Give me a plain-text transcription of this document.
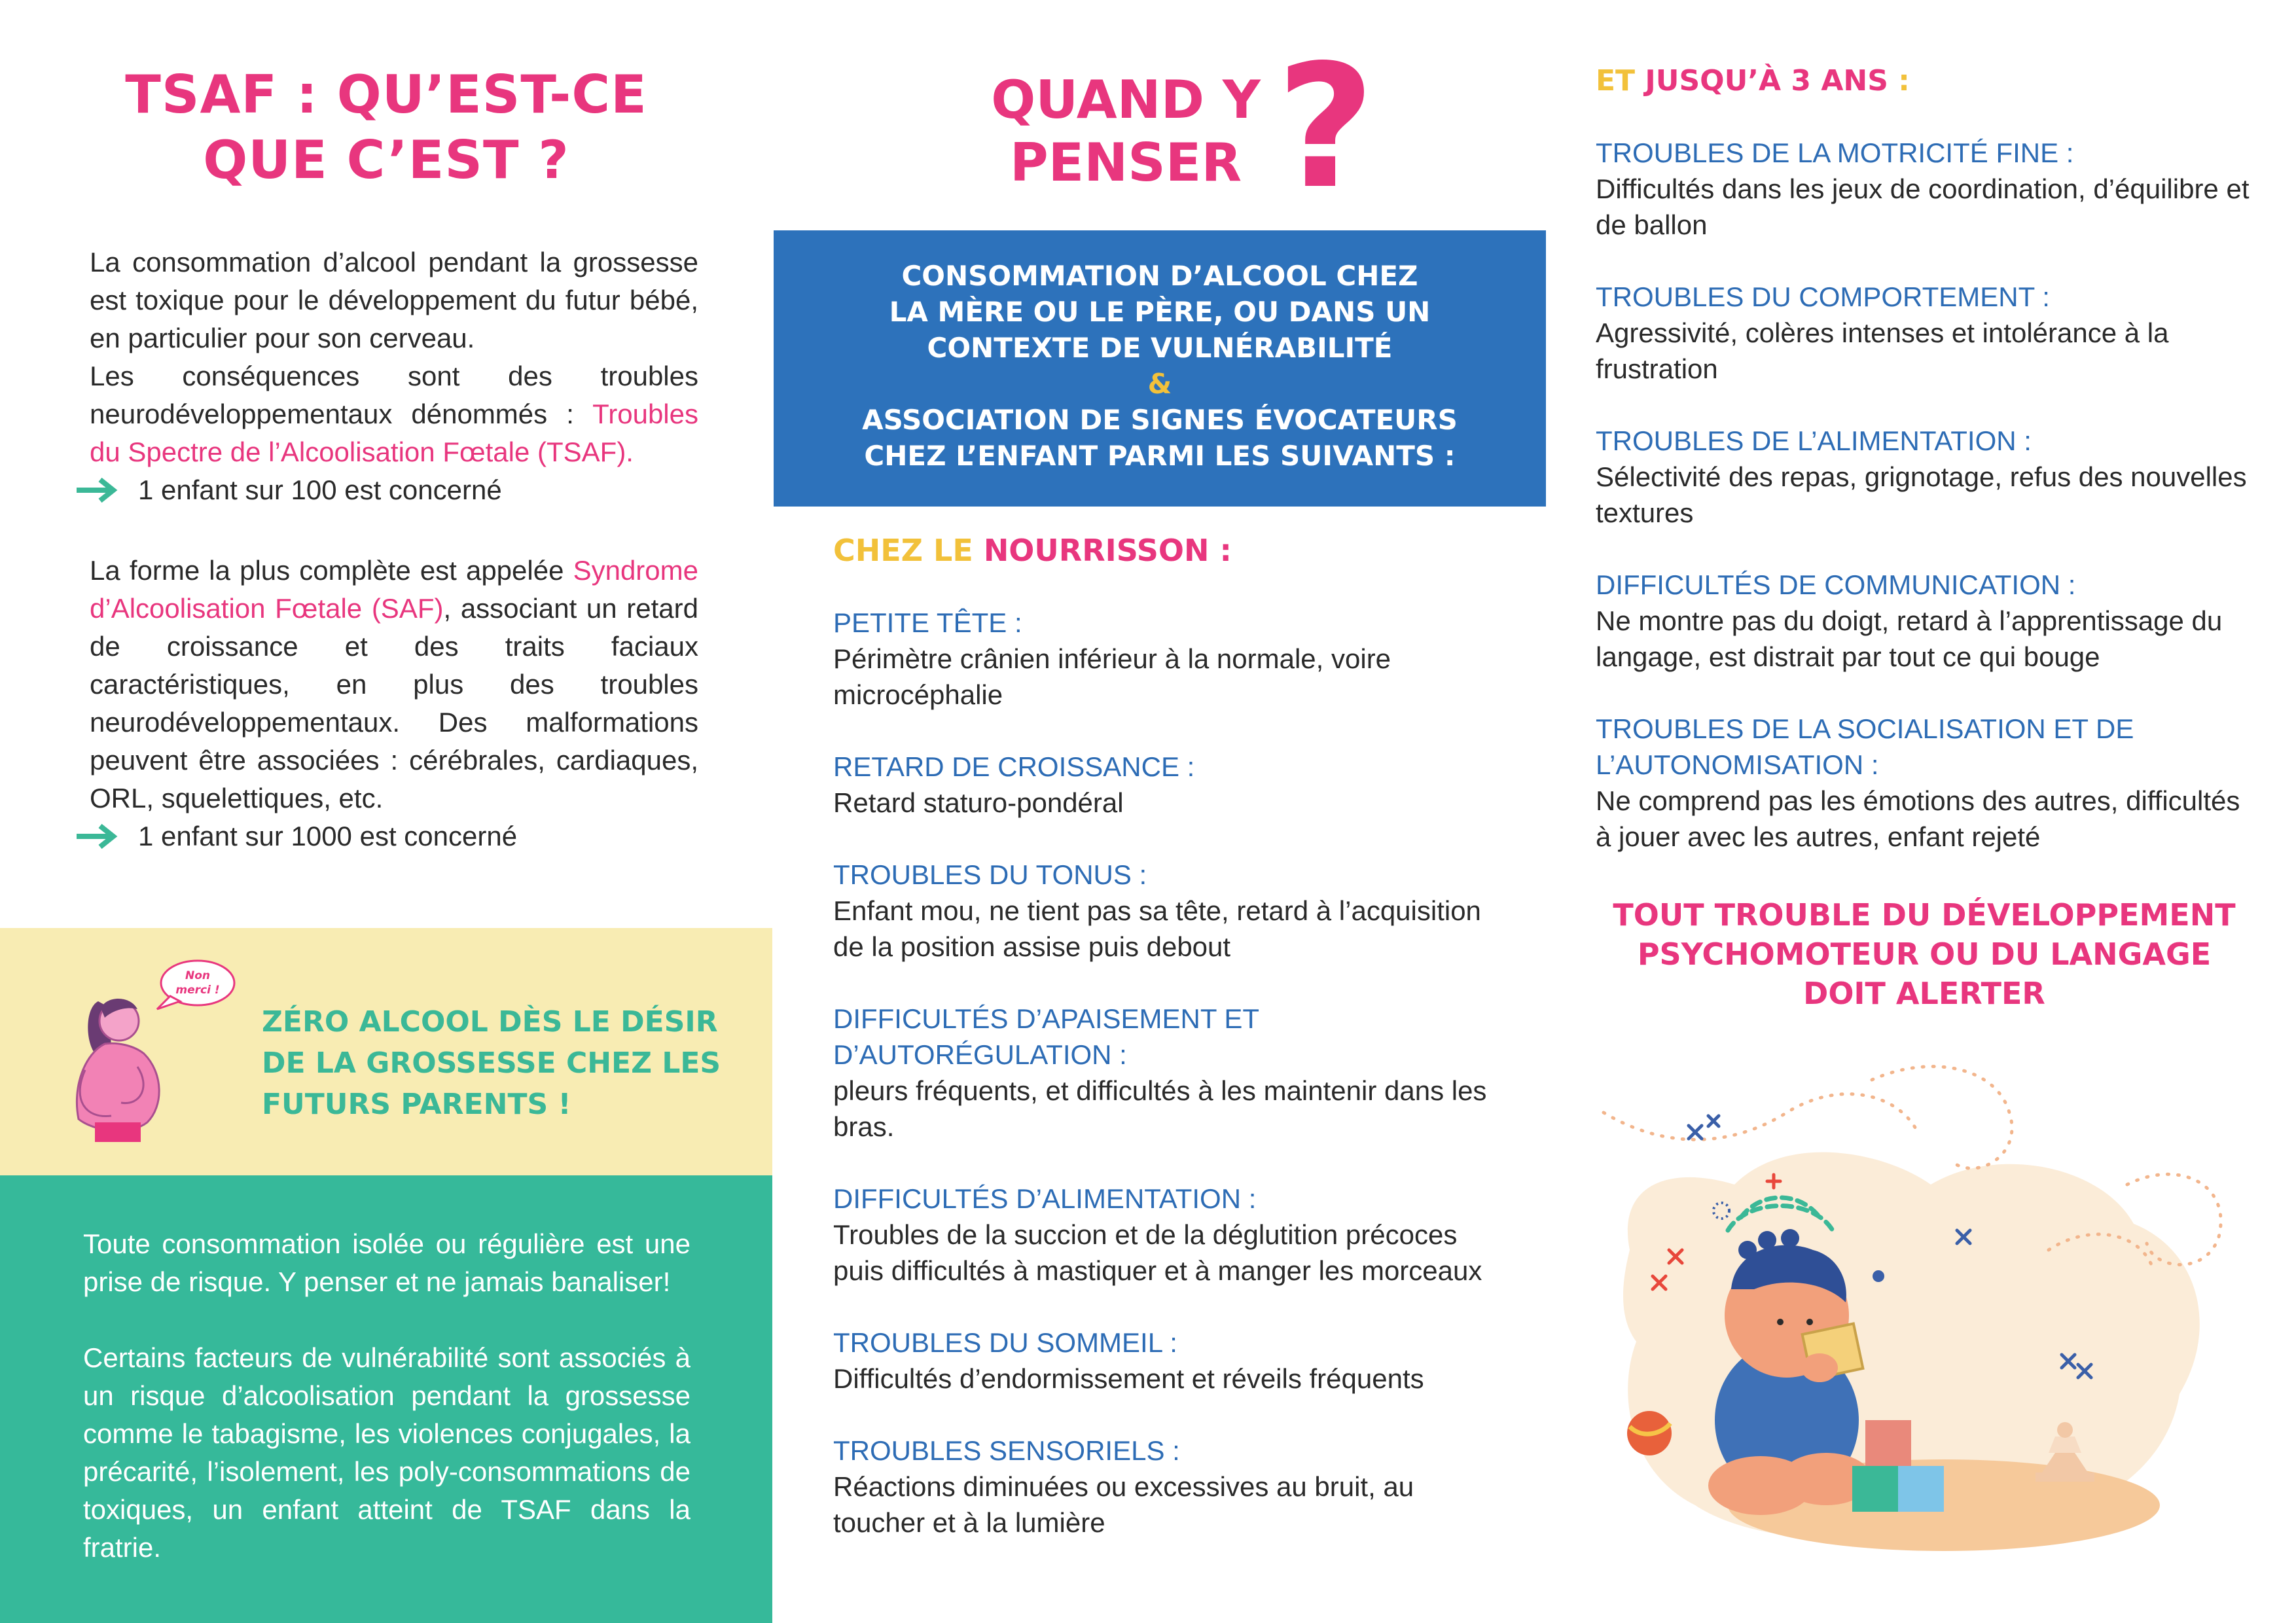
TSAF : QU’EST-CE
QUE C’EST ?
La consommation d’alcool pendant la grossesse est toxique pour le développement du futur bébé, en particulier pour son cerveau.
Les conséquences sont des troubles neurodéveloppementaux dénommés : Troubles du Spectre de l’Alcoolisation Fœtale (TSAF).
1 enfant sur 100 est concerné
La forme la plus complète est appelée Syndrome d’Alcoolisation Fœtale (SAF), associant un retard de croissance et des traits faciaux caractéristiques, en plus des troubles neurodéveloppementaux. Des malformations peuvent être associées : cérébrales, cardiaques, ORL, squelettiques, etc.
1 enfant sur 1000 est concerné
Non
merci !
ZÉRO ALCOOL DÈS LE DÉSIR
DE LA GROSSESSE CHEZ LES
FUTURS PARENTS !
Toute consommation isolée ou régulière est une prise de risque. Y penser et ne jamais banaliser!
Certains facteurs de vulnérabilité sont associés à un risque d’alcoolisation pendant la grossesse comme le tabagisme, les violences conjugales, la précarité, l’isolement, les poly-consommations de toxiques, un enfant atteint de TSAF dans la fratrie.
QUAND Y
PENSER ?
CONSOMMATION D’ALCOOL CHEZ
LA MÈRE OU LE PÈRE, OU DANS UN
CONTEXTE DE VULNÉRABILITÉ
&
ASSOCIATION DE SIGNES ÉVOCATEURS
CHEZ L’ENFANT PARMI LES SUIVANTS :
CHEZ LE NOURRISSON :
PETITE TÊTE :
Périmètre crânien inférieur à la normale, voire microcéphalie
RETARD DE CROISSANCE :
Retard staturo-pondéral
TROUBLES DU TONUS :
Enfant mou, ne tient pas sa tête, retard à l’acquisition de la position assise puis debout
DIFFICULTÉS D’APAISEMENT ET D’AUTORÉGULATION :
pleurs fréquents, et difficultés à les maintenir dans les bras.
DIFFICULTÉS D’ALIMENTATION :
Troubles de la succion et de la déglutition précoces puis difficultés à mastiquer et à manger les morceaux
TROUBLES DU SOMMEIL :
Difficultés d’endormissement et réveils fréquents
TROUBLES SENSORIELS :
Réactions diminuées ou excessives au bruit, au toucher et à la lumière
ET JUSQU’À 3 ANS :
TROUBLES DE LA MOTRICITÉ FINE :
Difficultés dans les jeux de coordination, d’équilibre et de ballon
TROUBLES DU COMPORTEMENT :
Agressivité, colères intenses et intolérance à la frustration
TROUBLES DE L’ALIMENTATION :
Sélectivité des repas, grignotage, refus des nouvelles textures
DIFFICULTÉS DE COMMUNICATION :
Ne montre pas du doigt, retard à l’apprentissage du langage, est distrait par tout ce qui bouge
TROUBLES DE LA SOCIALISATION ET DE L’AUTONOMISATION :
Ne comprend pas les émotions des autres, difficultés à jouer avec les autres, enfant rejeté
TOUT TROUBLE DU DÉVELOPPEMENT
PSYCHOMOTEUR OU DU LANGAGE
DOIT ALERTER
